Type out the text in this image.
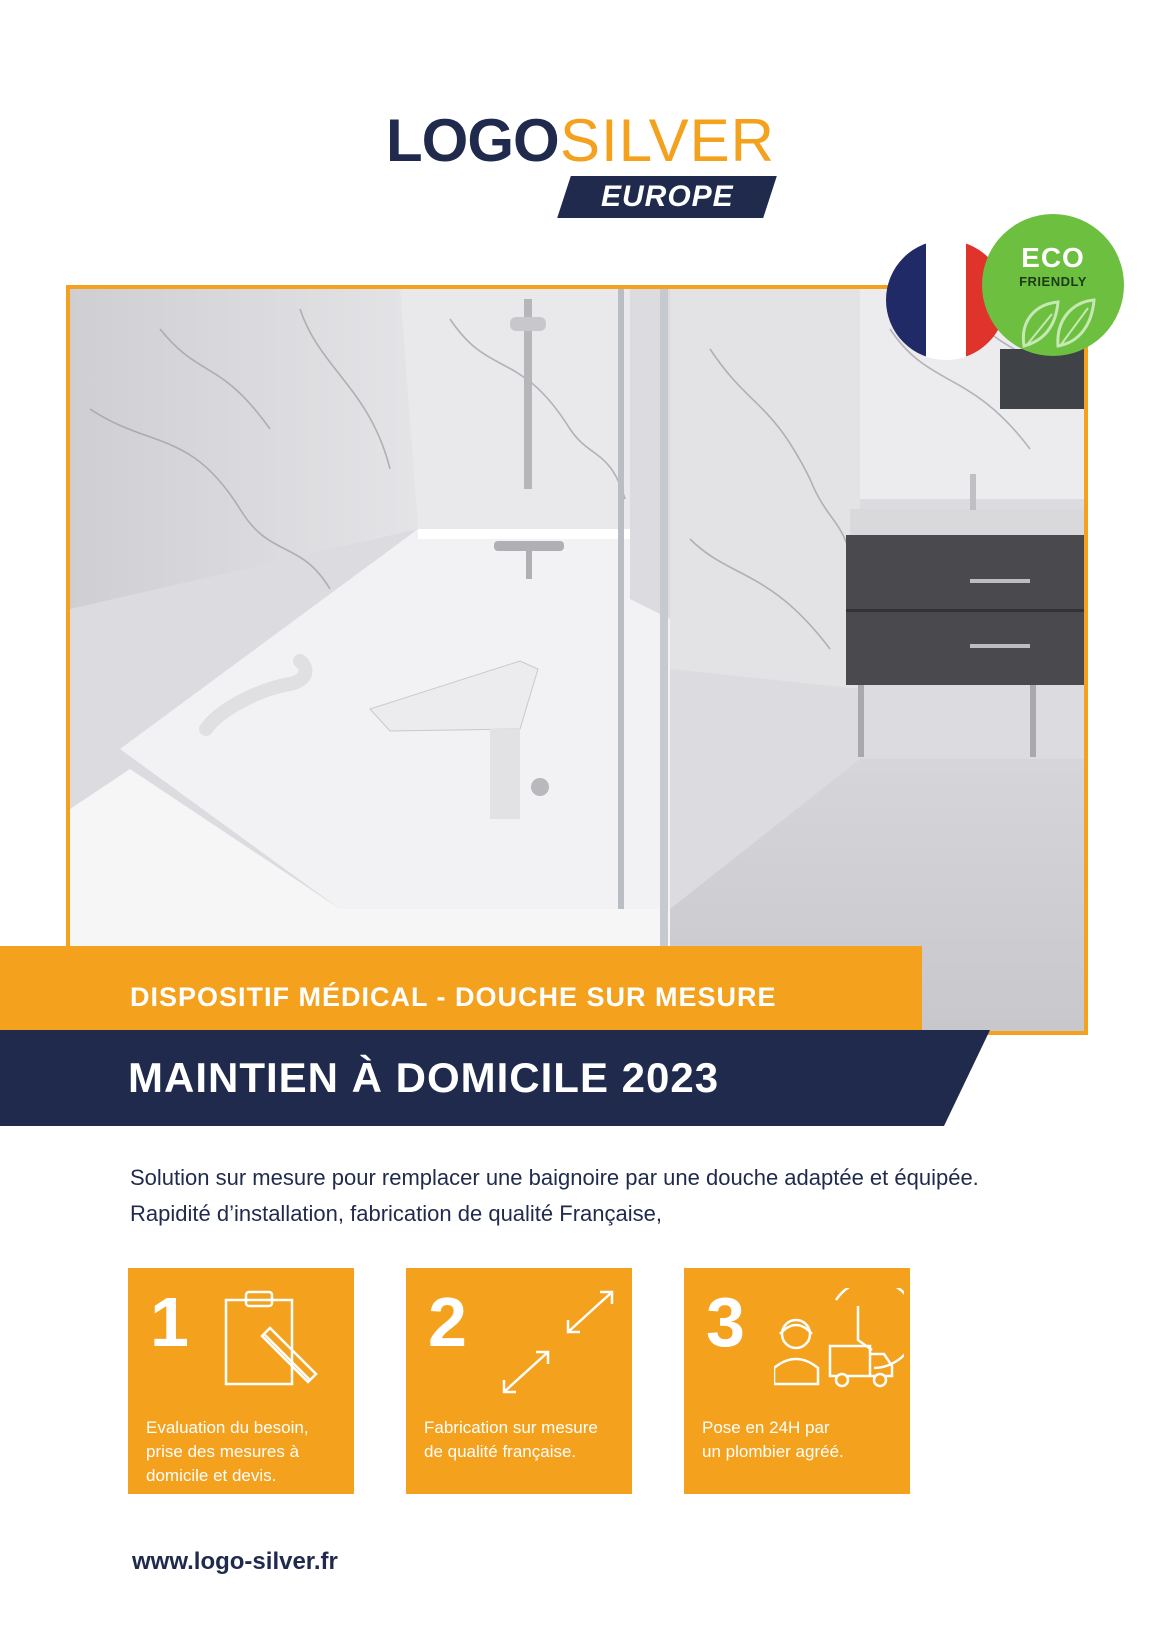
LOGO SILVER
EUROPE
ECO
FRIENDLY
DISPOSITIF MÉDICAL - DOUCHE SUR MESURE
MAINTIEN À DOMICILE 2023
Solution sur mesure pour remplacer une baignoire par une douche adaptée et équipée.
Rapidité d’installation, fabrication de qualité Française,
1
Evaluation du besoin,
prise des mesures à
domicile et devis.
2
Fabrication sur mesure
de qualité française.
3
Pose en 24H par
un plombier agréé.
www.logo-silver.fr
